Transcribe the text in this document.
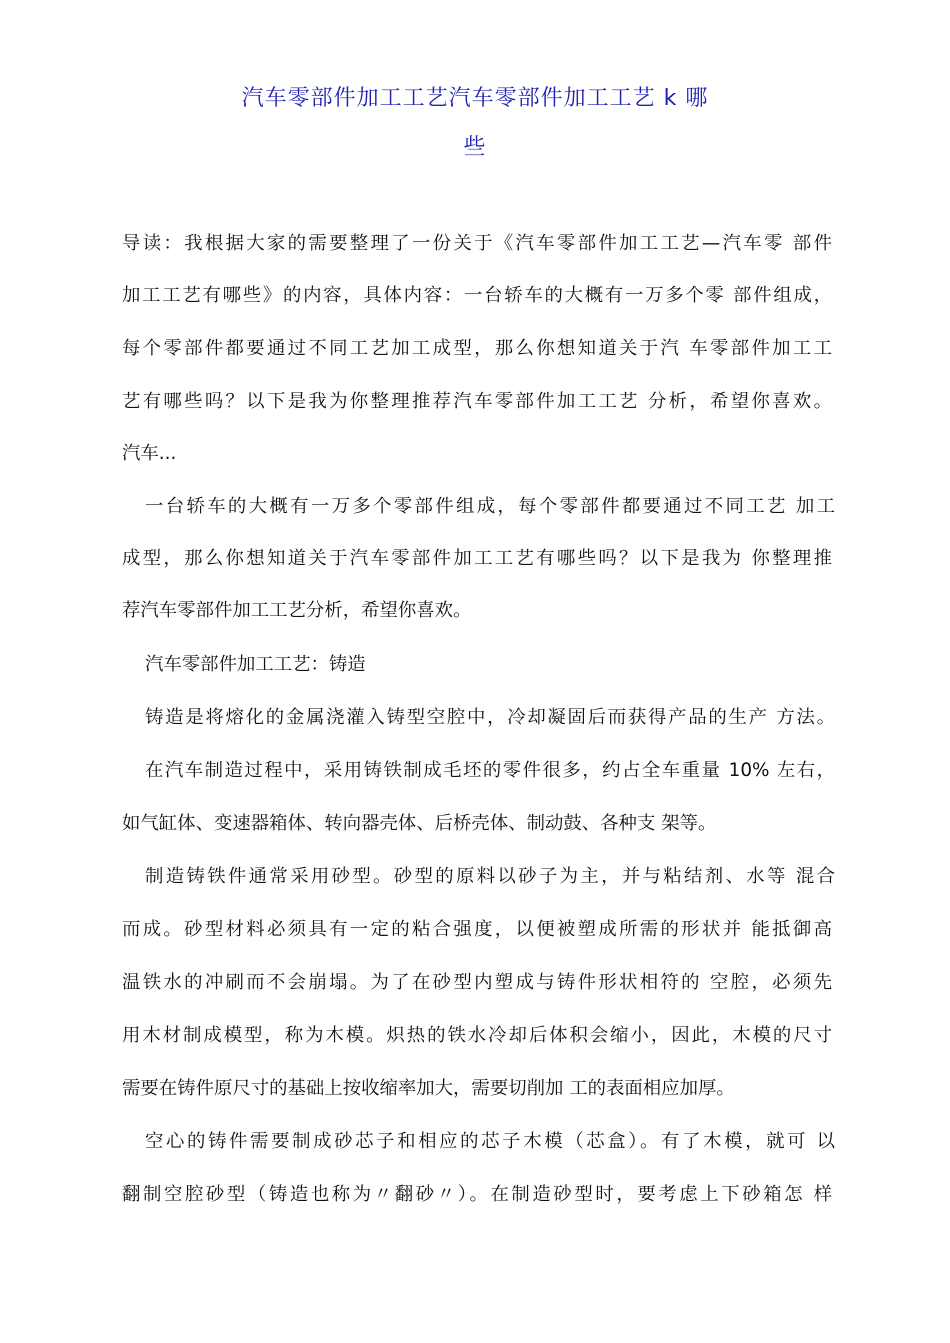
汽车零部件加工工艺汽车零部件加工工艺 k 哪
些

导读：我根据大家的需要整理了一份关于《汽车零部件加工工艺—汽车零 部件

加工工艺有哪些》的内容，具体内容：一台轿车的大概有一万多个零 部件组成，

每个零部件都要通过不同工艺加工成型，那么你想知道关于汽 车零部件加工工

艺有哪些吗？以下是我为你整理推荐汽车零部件加工工艺 分析，希望你喜欢。

汽车...

一台轿车的大概有一万多个零部件组成，每个零部件都要通过不同工艺 加工

成型，那么你想知道关于汽车零部件加工工艺有哪些吗？以下是我为 你整理推

荐汽车零部件加工工艺分析，希望你喜欢。

汽车零部件加工工艺：铸造

铸造是将熔化的金属浇灌入铸型空腔中，冷却凝固后而获得产品的生产 方法。

在汽车制造过程中，采用铸铁制成毛坯的零件很多，约占全车重量 10% 左右，

如气缸体、变速器箱体、转向器壳体、后桥壳体、制动鼓、各种支 架等。

制造铸铁件通常采用砂型。砂型的原料以砂子为主，并与粘结剂、水等 混合

而成。砂型材料必须具有一定的粘合强度，以便被塑成所需的形状并 能抵御高

温铁水的冲刷而不会崩塌。为了在砂型内塑成与铸件形状相符的 空腔，必须先

用木材制成模型，称为木模。炽热的铁水冷却后体积会缩小，因此，木模的尺寸

需要在铸件原尺寸的基础上按收缩率加大，需要切削加 工的表面相应加厚。

空心的铸件需要制成砂芯子和相应的芯子木模（芯盒）。有了木模，就可 以

翻制空腔砂型（铸造也称为〃翻砂〃）。在制造砂型时，要考虑上下砂箱怎 样
